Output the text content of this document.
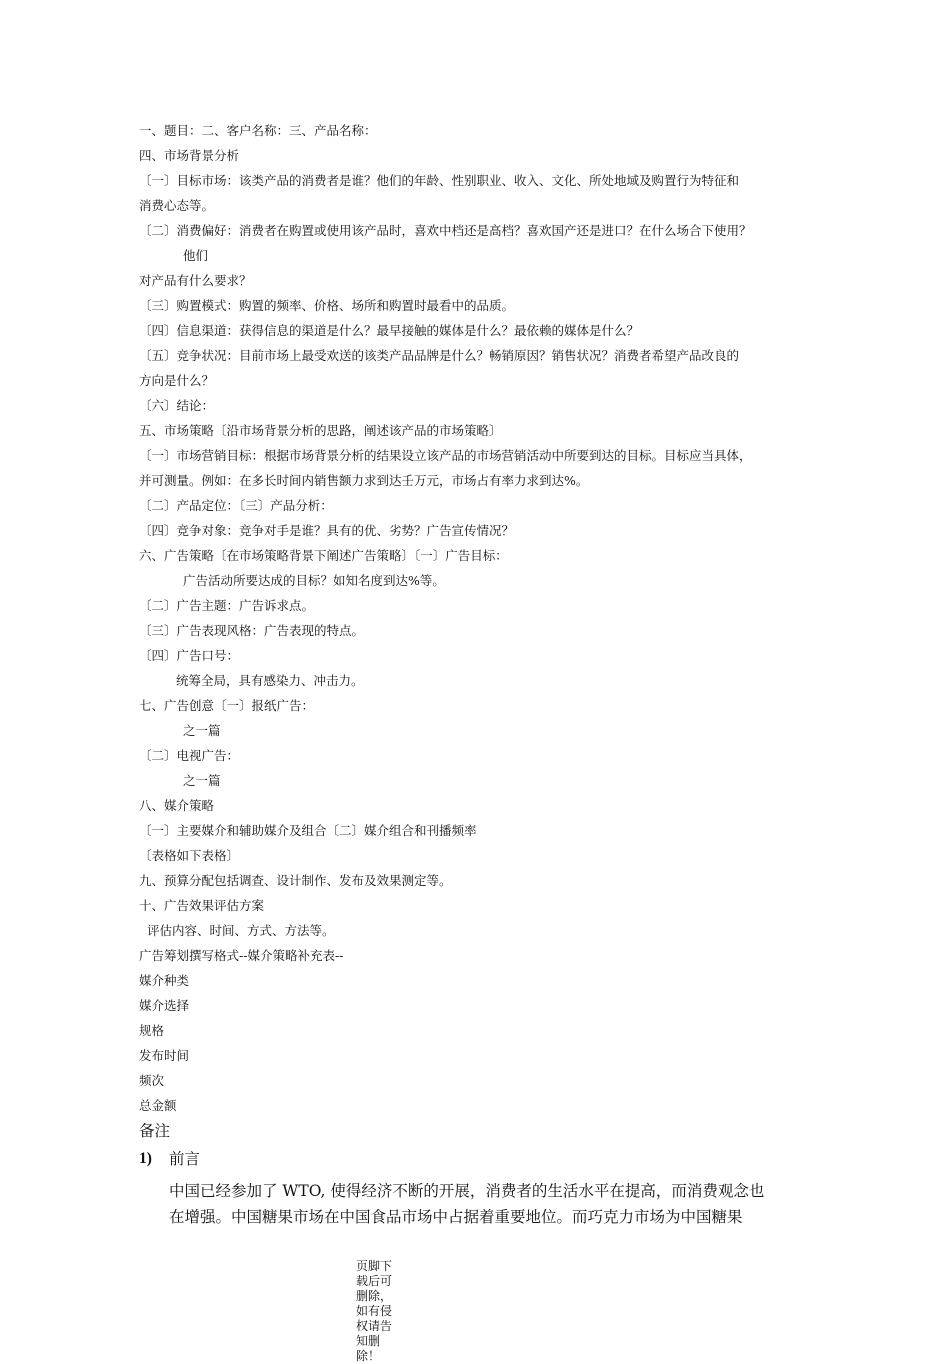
一、题目：二、客户名称：三、产品名称：
四、市场背景分析
〔一〕目标市场：该类产品的消费者是谁？他们的年龄、性别职业、收入、文化、所处地域及购置行为特征和
消费心态等。
〔二〕消费偏好：消费者在购置或使用该产品时，喜欢中档还是高档？喜欢国产还是进口？在什么场合下使用？
他们
对产品有什么要求？
〔三〕购置模式：购置的频率、价格、场所和购置时最看中的品质。
〔四〕信息渠道：获得信息的渠道是什么？最早接触的媒体是什么？最依赖的媒体是什么？
〔五〕竞争状况：目前市场上最受欢送的该类产品品牌是什么？畅销原因？销售状况？消费者希望产品改良的
方向是什么？
〔六〕结论：
五、市场策略〔沿市场背景分析的思路，阐述该产品的市场策略〕
〔一〕市场营销目标：根据市场背景分析的结果设立该产品的市场营销活动中所要到达的目标。目标应当具体，
并可测量。例如：在多长时间内销售额力求到达壬万元，市场占有率力求到达%。
〔二〕产品定位：〔三〕产品分析：
〔四〕竞争对象：竞争对手是谁？具有的优、劣势？广告宣传情况？
六、广告策略〔在市场策略背景下阐述广告策略〕〔一〕广告目标：
广告活动所要达成的目标？如知名度到达%等。
〔二〕广告主题：广告诉求点。
〔三〕广告表现风格：广告表现的特点。
〔四〕广告口号：
统筹全局，具有感染力、冲击力。
七、广告创意〔一〕报纸广告：
之一篇
〔二〕电视广告：
之一篇
八、媒介策略
〔一〕主要媒介和辅助媒介及组合〔二〕媒介组合和刊播频率
〔表格如下表格〕
九、预算分配包括调查、设计制作、发布及效果测定等。
十、广告效果评估方案
评估内容、时间、方式、方法等。
广告筹划撰写格式--媒介策略补充表--
媒介种类
媒介选择
规格
发布时间
频次
总金额
备注
1)	前言
中国已经参加了 WTO, 使得经济不断的开展，消费者的生活水平在提高，而消费观念也
在增强。中国糖果市场在中国食品市场中占据着重要地位。而巧克力市场为中国糖果
页脚下
载后可
删除，
如有侵
权请告
知删除！
